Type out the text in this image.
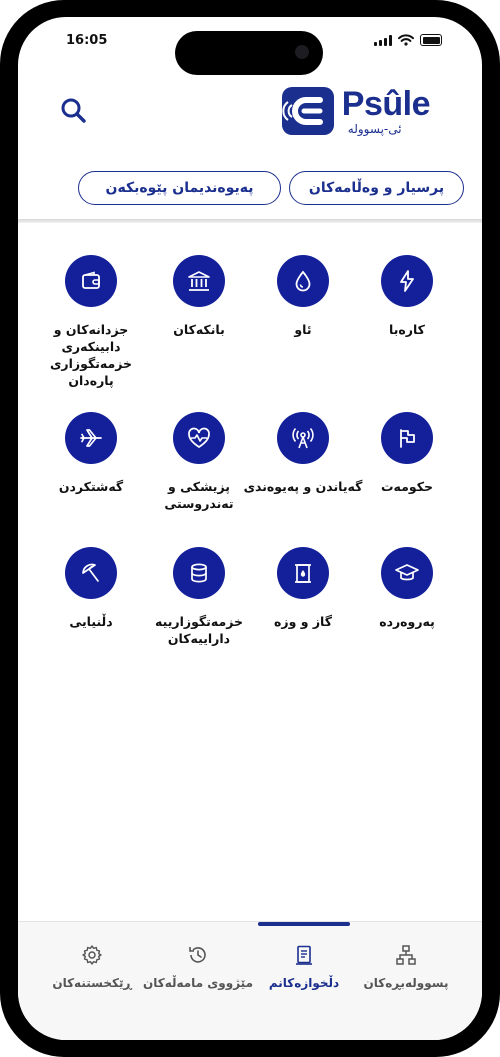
16:05
Psûle
ئی-پسوولە
پرسیار و وەڵامەکان
پەیوەندیمان پێوەبکەن
کارەبا
ئاو
بانکەکان
جزدانەکان و دابینکەری خزمەتگوزاری پارەدان
حکومەت
گەیاندن و پەیوەندی
پزیشکی و تەندروستی
گەشتکردن
پەروەردە
گاز و وزە
خزمەتگوزارییە داراییەکان
دڵنیایی
پسوولەبڕەکان
دڵخوازەکانم
مێژووی مامەڵەکان
ڕێکخستنەکان
